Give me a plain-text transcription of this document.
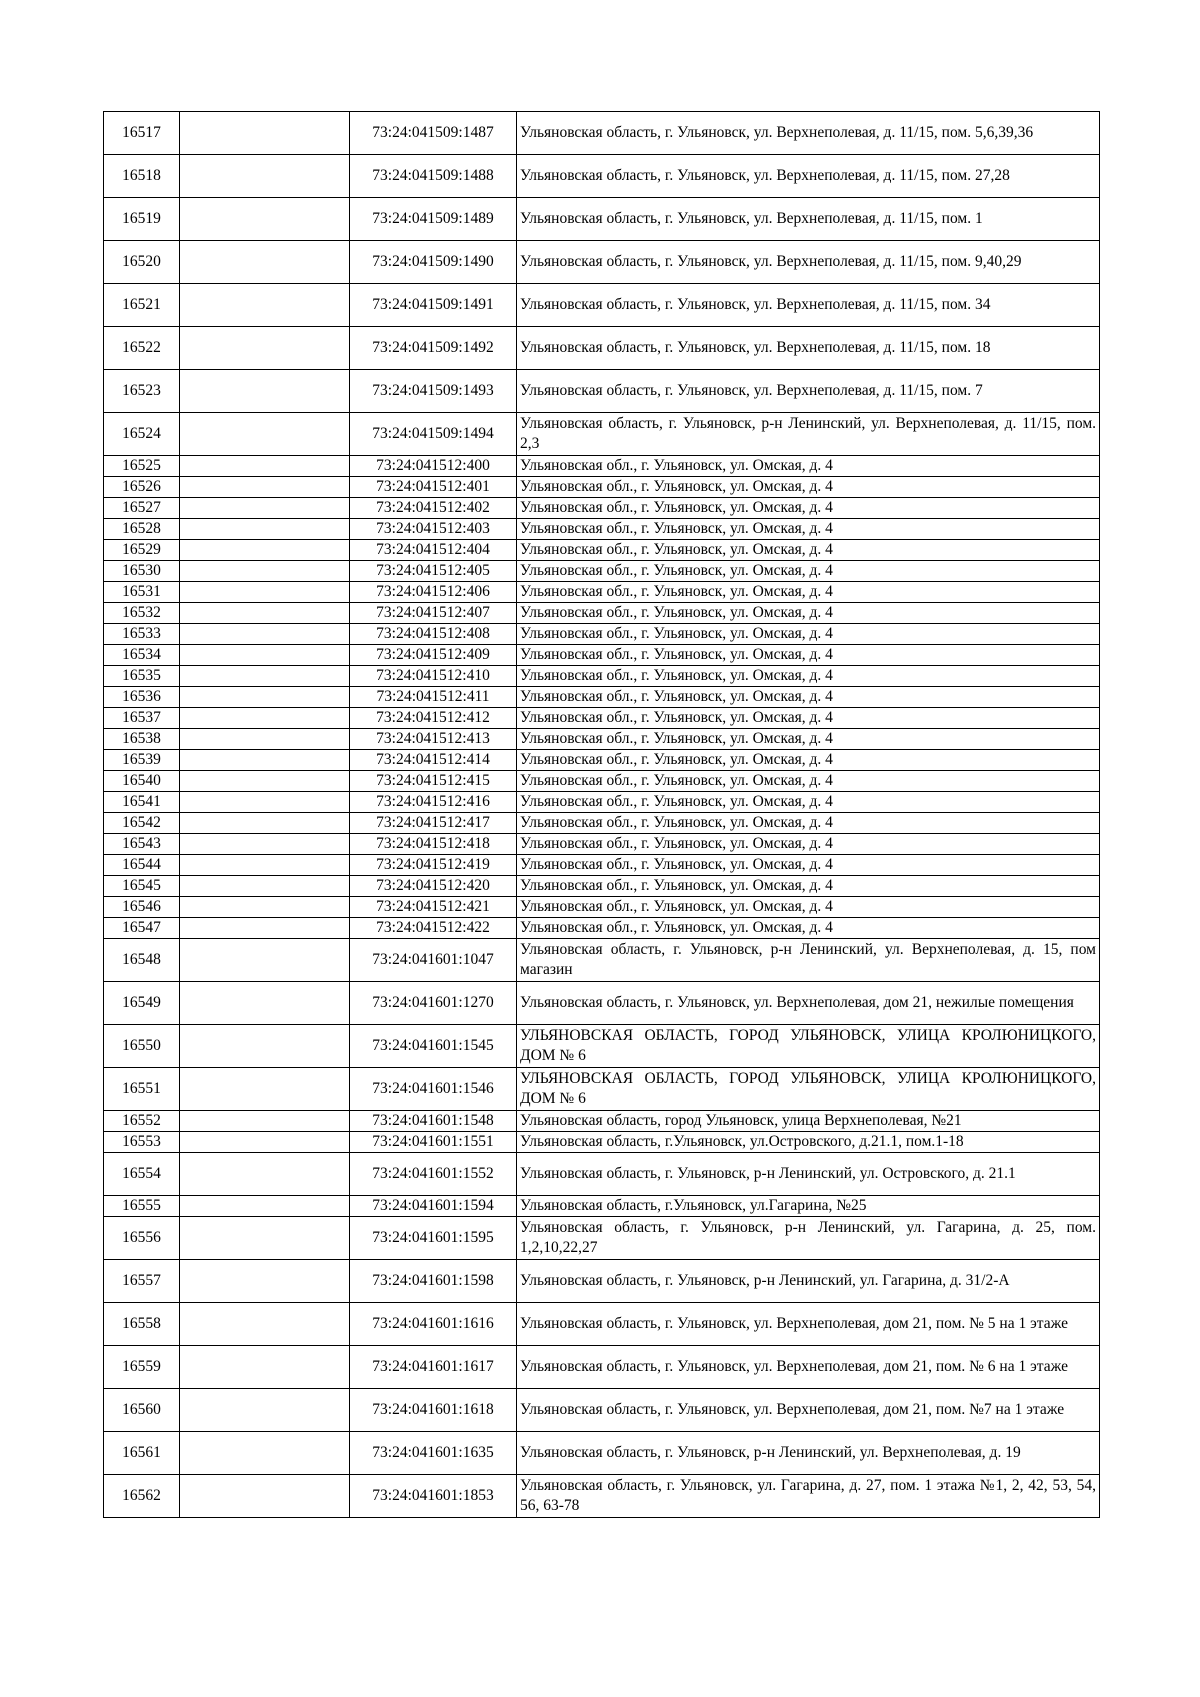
16517		73:24:041509:1487	Ульяновская область, г. Ульяновск, ул. Верхнеполевая, д. 11/15, пом. 5,6,39,36
16518		73:24:041509:1488	Ульяновская область, г. Ульяновск, ул. Верхнеполевая, д. 11/15, пом. 27,28
16519		73:24:041509:1489	Ульяновская область, г. Ульяновск, ул. Верхнеполевая, д. 11/15, пом. 1
16520		73:24:041509:1490	Ульяновская область, г. Ульяновск, ул. Верхнеполевая, д. 11/15, пом. 9,40,29
16521		73:24:041509:1491	Ульяновская область, г. Ульяновск, ул. Верхнеполевая, д. 11/15, пом. 34
16522		73:24:041509:1492	Ульяновская область, г. Ульяновск, ул. Верхнеполевая, д. 11/15, пом. 18
16523		73:24:041509:1493	Ульяновская область, г. Ульяновск, ул. Верхнеполевая, д. 11/15, пом. 7
16524		73:24:041509:1494	Ульяновская область, г. Ульяновск, р-н Ленинский, ул. Верхнеполевая, д. 11/15, пом. 2,3
16525		73:24:041512:400	Ульяновская обл., г. Ульяновск, ул. Омская, д. 4
16526		73:24:041512:401	Ульяновская обл., г. Ульяновск, ул. Омская, д. 4
16527		73:24:041512:402	Ульяновская обл., г. Ульяновск, ул. Омская, д. 4
16528		73:24:041512:403	Ульяновская обл., г. Ульяновск, ул. Омская, д. 4
16529		73:24:041512:404	Ульяновская обл., г. Ульяновск, ул. Омская, д. 4
16530		73:24:041512:405	Ульяновская обл., г. Ульяновск, ул. Омская, д. 4
16531		73:24:041512:406	Ульяновская обл., г. Ульяновск, ул. Омская, д. 4
16532		73:24:041512:407	Ульяновская обл., г. Ульяновск, ул. Омская, д. 4
16533		73:24:041512:408	Ульяновская обл., г. Ульяновск, ул. Омская, д. 4
16534		73:24:041512:409	Ульяновская обл., г. Ульяновск, ул. Омская, д. 4
16535		73:24:041512:410	Ульяновская обл., г. Ульяновск, ул. Омская, д. 4
16536		73:24:041512:411	Ульяновская обл., г. Ульяновск, ул. Омская, д. 4
16537		73:24:041512:412	Ульяновская обл., г. Ульяновск, ул. Омская, д. 4
16538		73:24:041512:413	Ульяновская обл., г. Ульяновск, ул. Омская, д. 4
16539		73:24:041512:414	Ульяновская обл., г. Ульяновск, ул. Омская, д. 4
16540		73:24:041512:415	Ульяновская обл., г. Ульяновск, ул. Омская, д. 4
16541		73:24:041512:416	Ульяновская обл., г. Ульяновск, ул. Омская, д. 4
16542		73:24:041512:417	Ульяновская обл., г. Ульяновск, ул. Омская, д. 4
16543		73:24:041512:418	Ульяновская обл., г. Ульяновск, ул. Омская, д. 4
16544		73:24:041512:419	Ульяновская обл., г. Ульяновск, ул. Омская, д. 4
16545		73:24:041512:420	Ульяновская обл., г. Ульяновск, ул. Омская, д. 4
16546		73:24:041512:421	Ульяновская обл., г. Ульяновск, ул. Омская, д. 4
16547		73:24:041512:422	Ульяновская обл., г. Ульяновск, ул. Омская, д. 4
16548		73:24:041601:1047	Ульяновская область, г. Ульяновск, р-н Ленинский, ул. Верхнеполевая, д. 15, пом магазин
16549		73:24:041601:1270	Ульяновская область, г. Ульяновск, ул. Верхнеполевая, дом 21, нежилые помещения
16550		73:24:041601:1545	УЛЬЯНОВСКАЯ ОБЛАСТЬ, ГОРОД УЛЬЯНОВСК, УЛИЦА КРОЛЮНИЦКОГО, ДОМ № 6
16551		73:24:041601:1546	УЛЬЯНОВСКАЯ ОБЛАСТЬ, ГОРОД УЛЬЯНОВСК, УЛИЦА КРОЛЮНИЦКОГО, ДОМ № 6
16552		73:24:041601:1548	Ульяновская область, город Ульяновск, улица Верхнеполевая, №21
16553		73:24:041601:1551	Ульяновская область, г.Ульяновск, ул.Островского, д.21.1, пом.1-18
16554		73:24:041601:1552	Ульяновская область, г. Ульяновск, р-н Ленинский, ул. Островского, д. 21.1
16555		73:24:041601:1594	Ульяновская область, г.Ульяновск, ул.Гагарина, №25
16556		73:24:041601:1595	Ульяновская область, г. Ульяновск, р-н Ленинский, ул. Гагарина, д. 25, пом. 1,2,10,22,27
16557		73:24:041601:1598	Ульяновская область, г. Ульяновск, р-н Ленинский, ул. Гагарина, д. 31/2-А
16558		73:24:041601:1616	Ульяновская область, г. Ульяновск, ул. Верхнеполевая, дом 21, пом. № 5 на 1 этаже
16559		73:24:041601:1617	Ульяновская область, г. Ульяновск, ул. Верхнеполевая, дом 21, пом. № 6 на 1 этаже
16560		73:24:041601:1618	Ульяновская область, г. Ульяновск, ул. Верхнеполевая, дом 21, пом. №7 на 1 этаже
16561		73:24:041601:1635	Ульяновская область, г. Ульяновск, р-н Ленинский, ул. Верхнеполевая, д. 19
16562		73:24:041601:1853	Ульяновская область, г. Ульяновск, ул. Гагарина, д. 27, пом. 1 этажа №1, 2, 42, 53, 54, 56, 63-78
